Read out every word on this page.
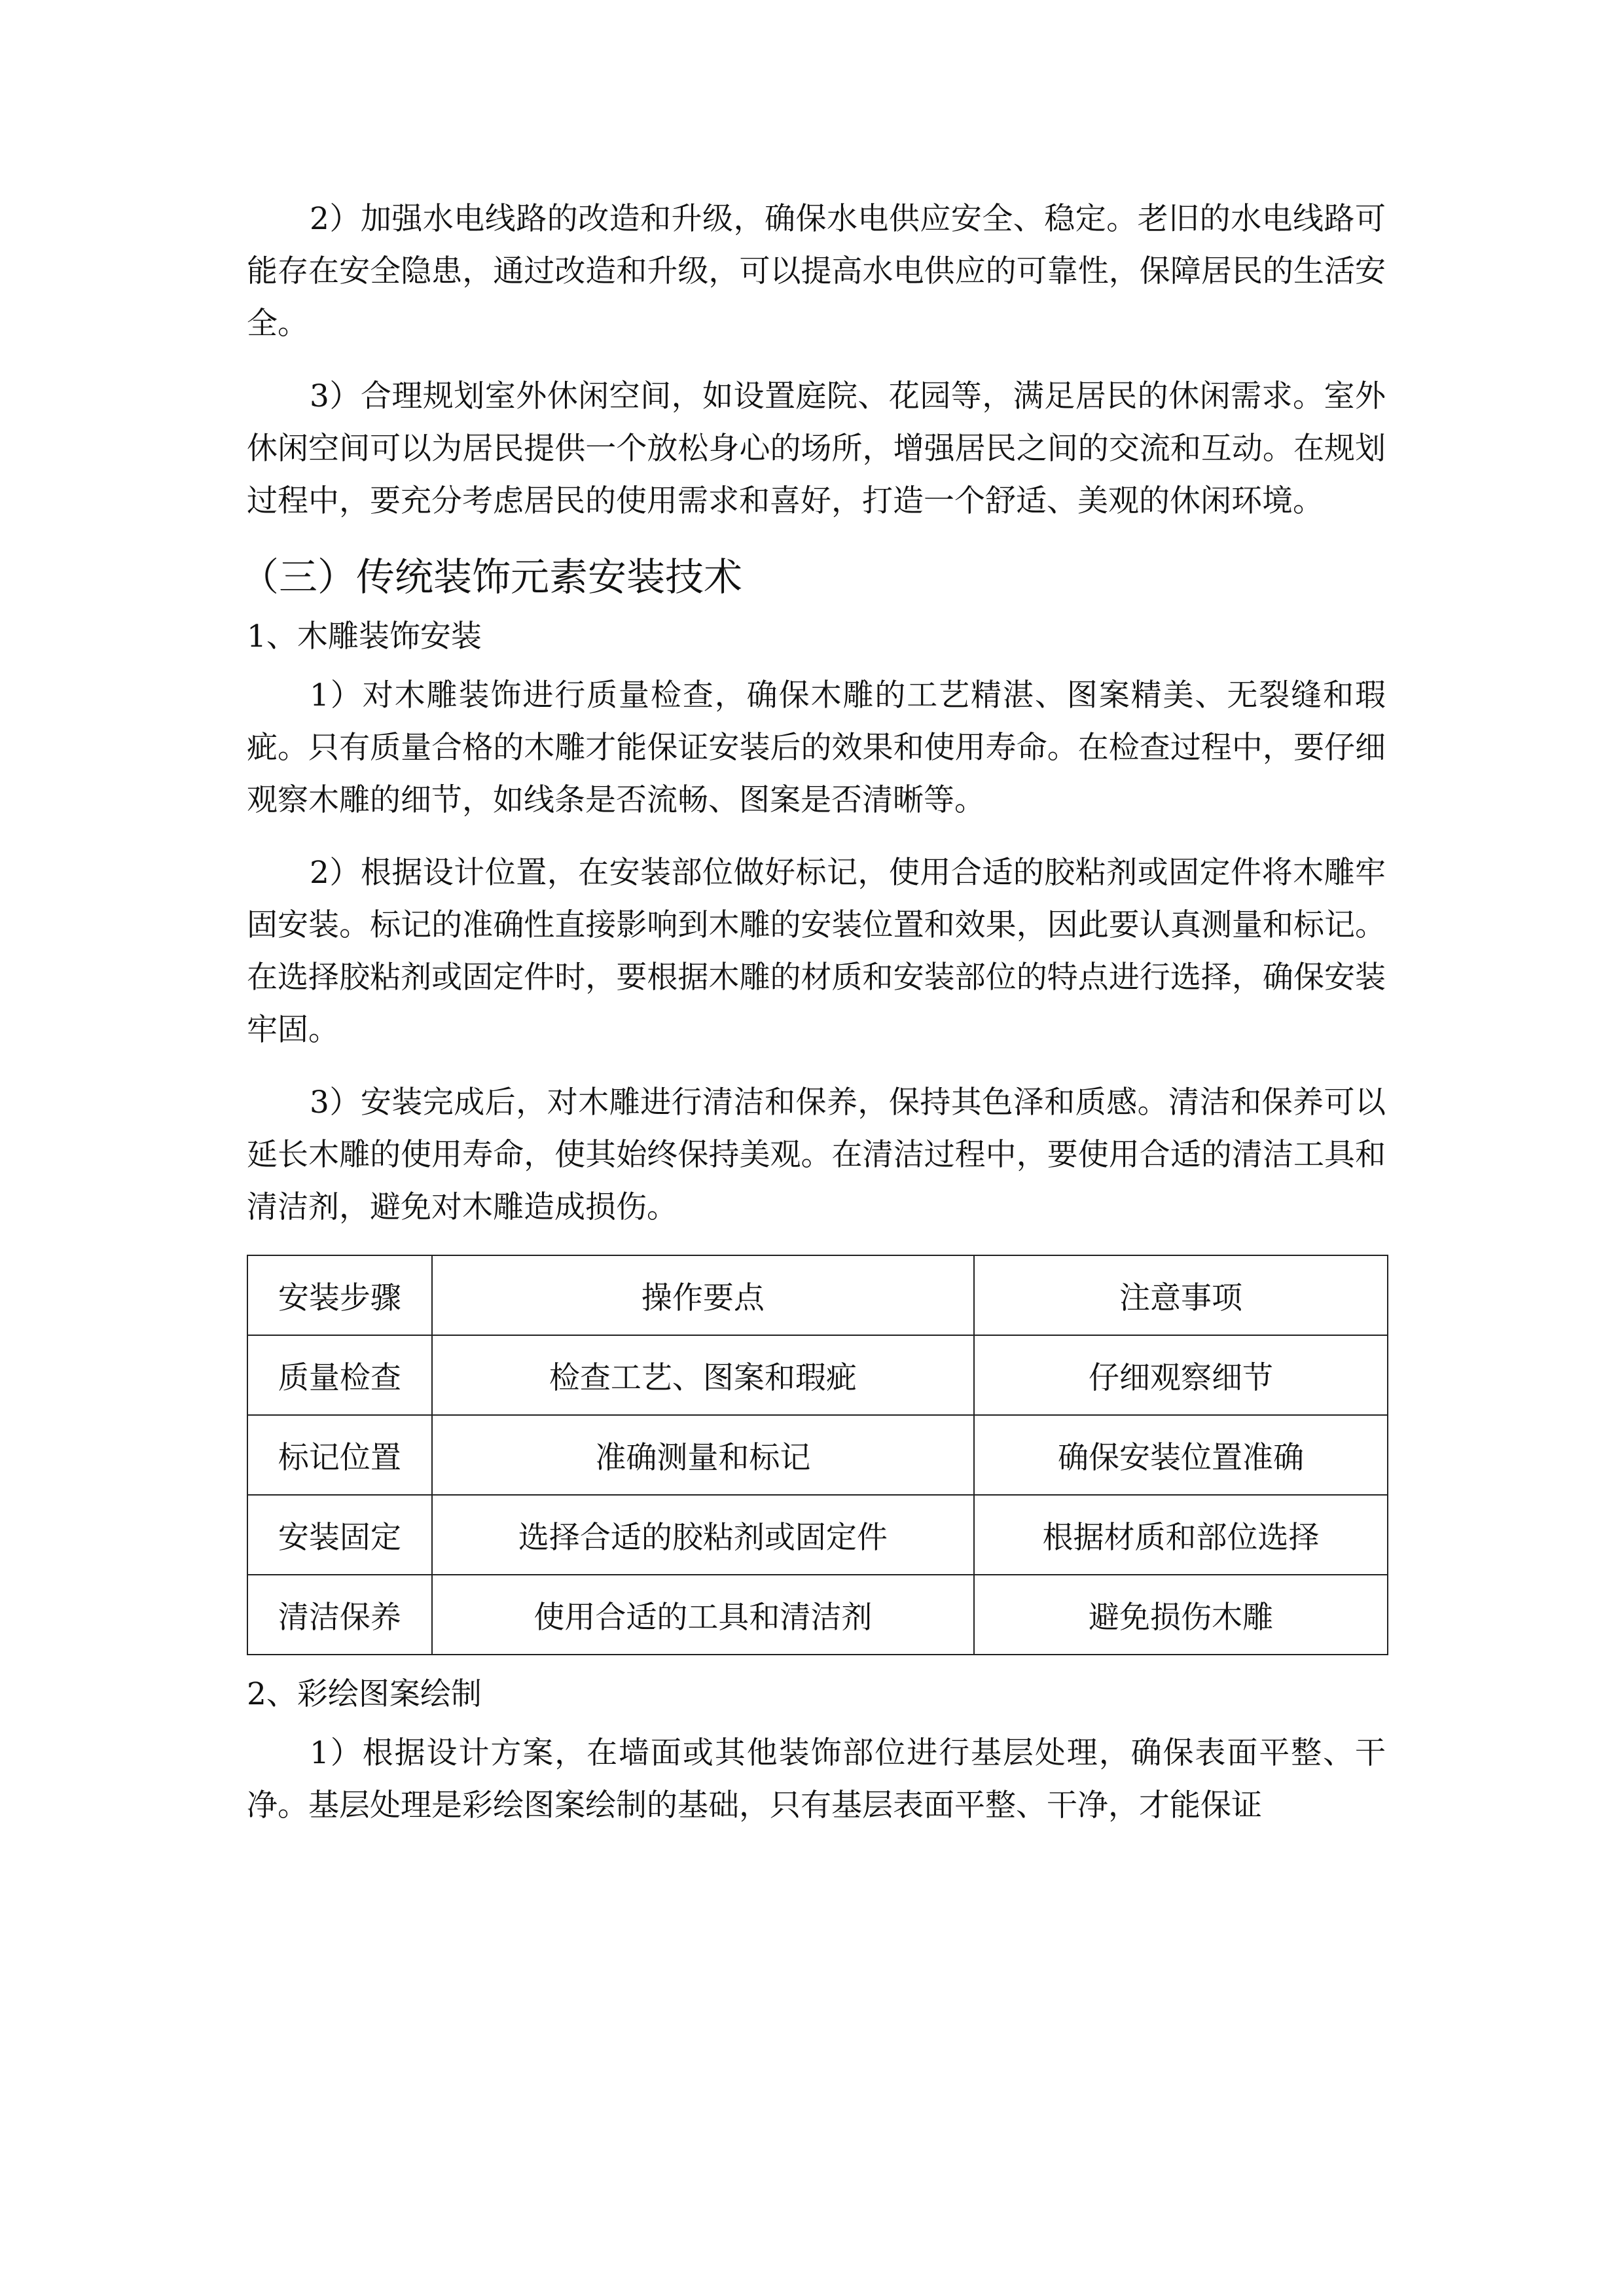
2）加强水电线路的改造和升级，确保水电供应安全、稳定。老旧的水电线路可能存在安全隐患，通过改造和升级，可以提高水电供应的可靠性，保障居民的生活安全。

3）合理规划室外休闲空间，如设置庭院、花园等，满足居民的休闲需求。室外休闲空间可以为居民提供一个放松身心的场所，增强居民之间的交流和互动。在规划过程中，要充分考虑居民的使用需求和喜好，打造一个舒适、美观的休闲环境。

（三）传统装饰元素安装技术
1、木雕装饰安装

1）对木雕装饰进行质量检查，确保木雕的工艺精湛、图案精美、无裂缝和瑕疵。只有质量合格的木雕才能保证安装后的效果和使用寿命。在检查过程中，要仔细观察木雕的细节，如线条是否流畅、图案是否清晰等。

2）根据设计位置，在安装部位做好标记，使用合适的胶粘剂或固定件将木雕牢固安装。标记的准确性直接影响到木雕的安装位置和效果，因此要认真测量和标记。在选择胶粘剂或固定件时，要根据木雕的材质和安装部位的特点进行选择，确保安装牢固。

3）安装完成后，对木雕进行清洁和保养，保持其色泽和质感。清洁和保养可以延长木雕的使用寿命，使其始终保持美观。在清洁过程中，要使用合适的清洁工具和清洁剂，避免对木雕造成损伤。

安装步骤	操作要点	注意事项
质量检查	检查工艺、图案和瑕疵	仔细观察细节
标记位置	准确测量和标记	确保安装位置准确
安装固定	选择合适的胶粘剂或固定件	根据材质和部位选择
清洁保养	使用合适的工具和清洁剂	避免损伤木雕
2、彩绘图案绘制

1）根据设计方案，在墙面或其他装饰部位进行基层处理，确保表面平整、干净。基层处理是彩绘图案绘制的基础，只有基层表面平整、干净，才能保证
